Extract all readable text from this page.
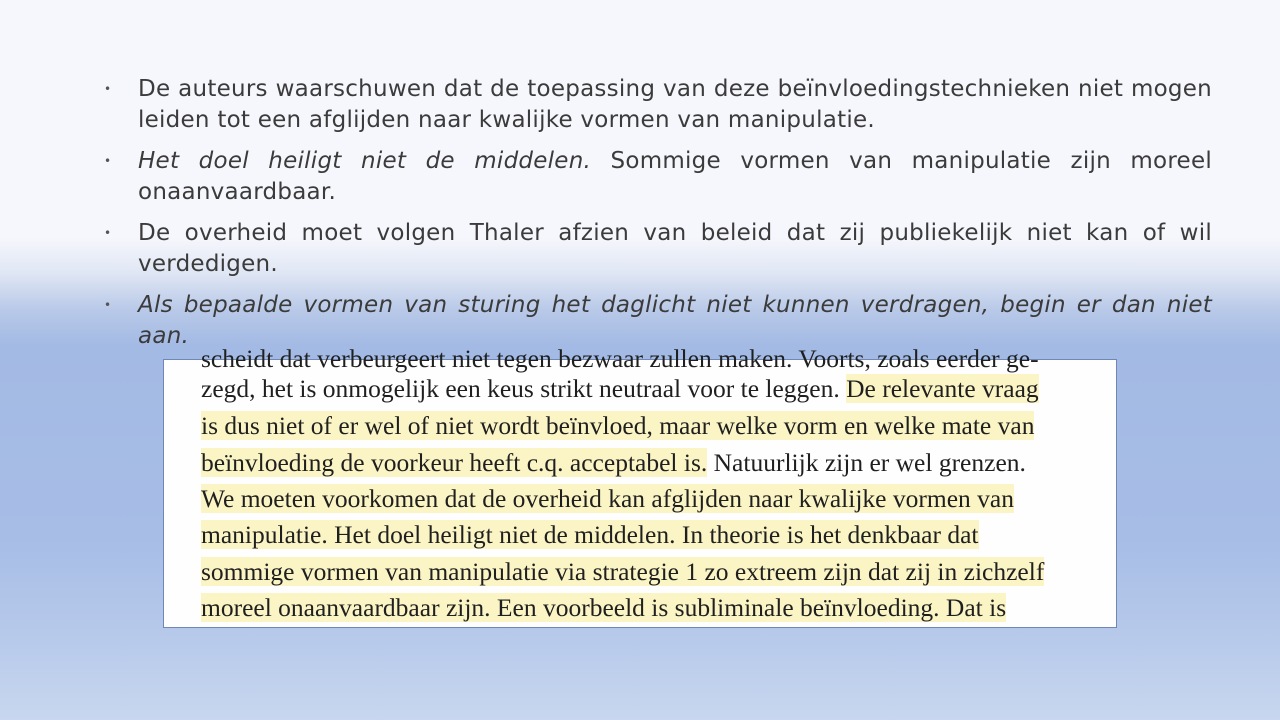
• De auteurs waarschuwen dat de toepassing van deze beïnvloedingstechnieken niet mogen leiden tot een afglijden naar kwalijke vormen van manipulatie.
• Het doel heiligt niet de middelen. Sommige vormen van manipulatie zijn moreel onaanvaardbaar.
• De overheid moet volgen Thaler afzien van beleid dat zij publiekelijk niet kan of wil verdedigen.
• Als bepaalde vormen van sturing het daglicht niet kunnen verdragen, begin er dan niet aan.
scheidt dat verbeurgeert niet tegen bezwaar zullen maken. Voorts, zoals eerder ge-
zegd, het is onmogelijk een keus strikt neutraal voor te leggen. De relevante vraag
is dus niet of er wel of niet wordt beïnvloed, maar welke vorm en welke mate van
beïnvloeding de voorkeur heeft c.q. acceptabel is. Natuurlijk zijn er wel grenzen.
We moeten voorkomen dat de overheid kan afglijden naar kwalijke vormen van
manipulatie. Het doel heiligt niet de middelen. In theorie is het denkbaar dat
sommige vormen van manipulatie via strategie 1 zo extreem zijn dat zij in zichzelf
moreel onaanvaardbaar zijn. Een voorbeeld is subliminale beïnvloeding. Dat is
